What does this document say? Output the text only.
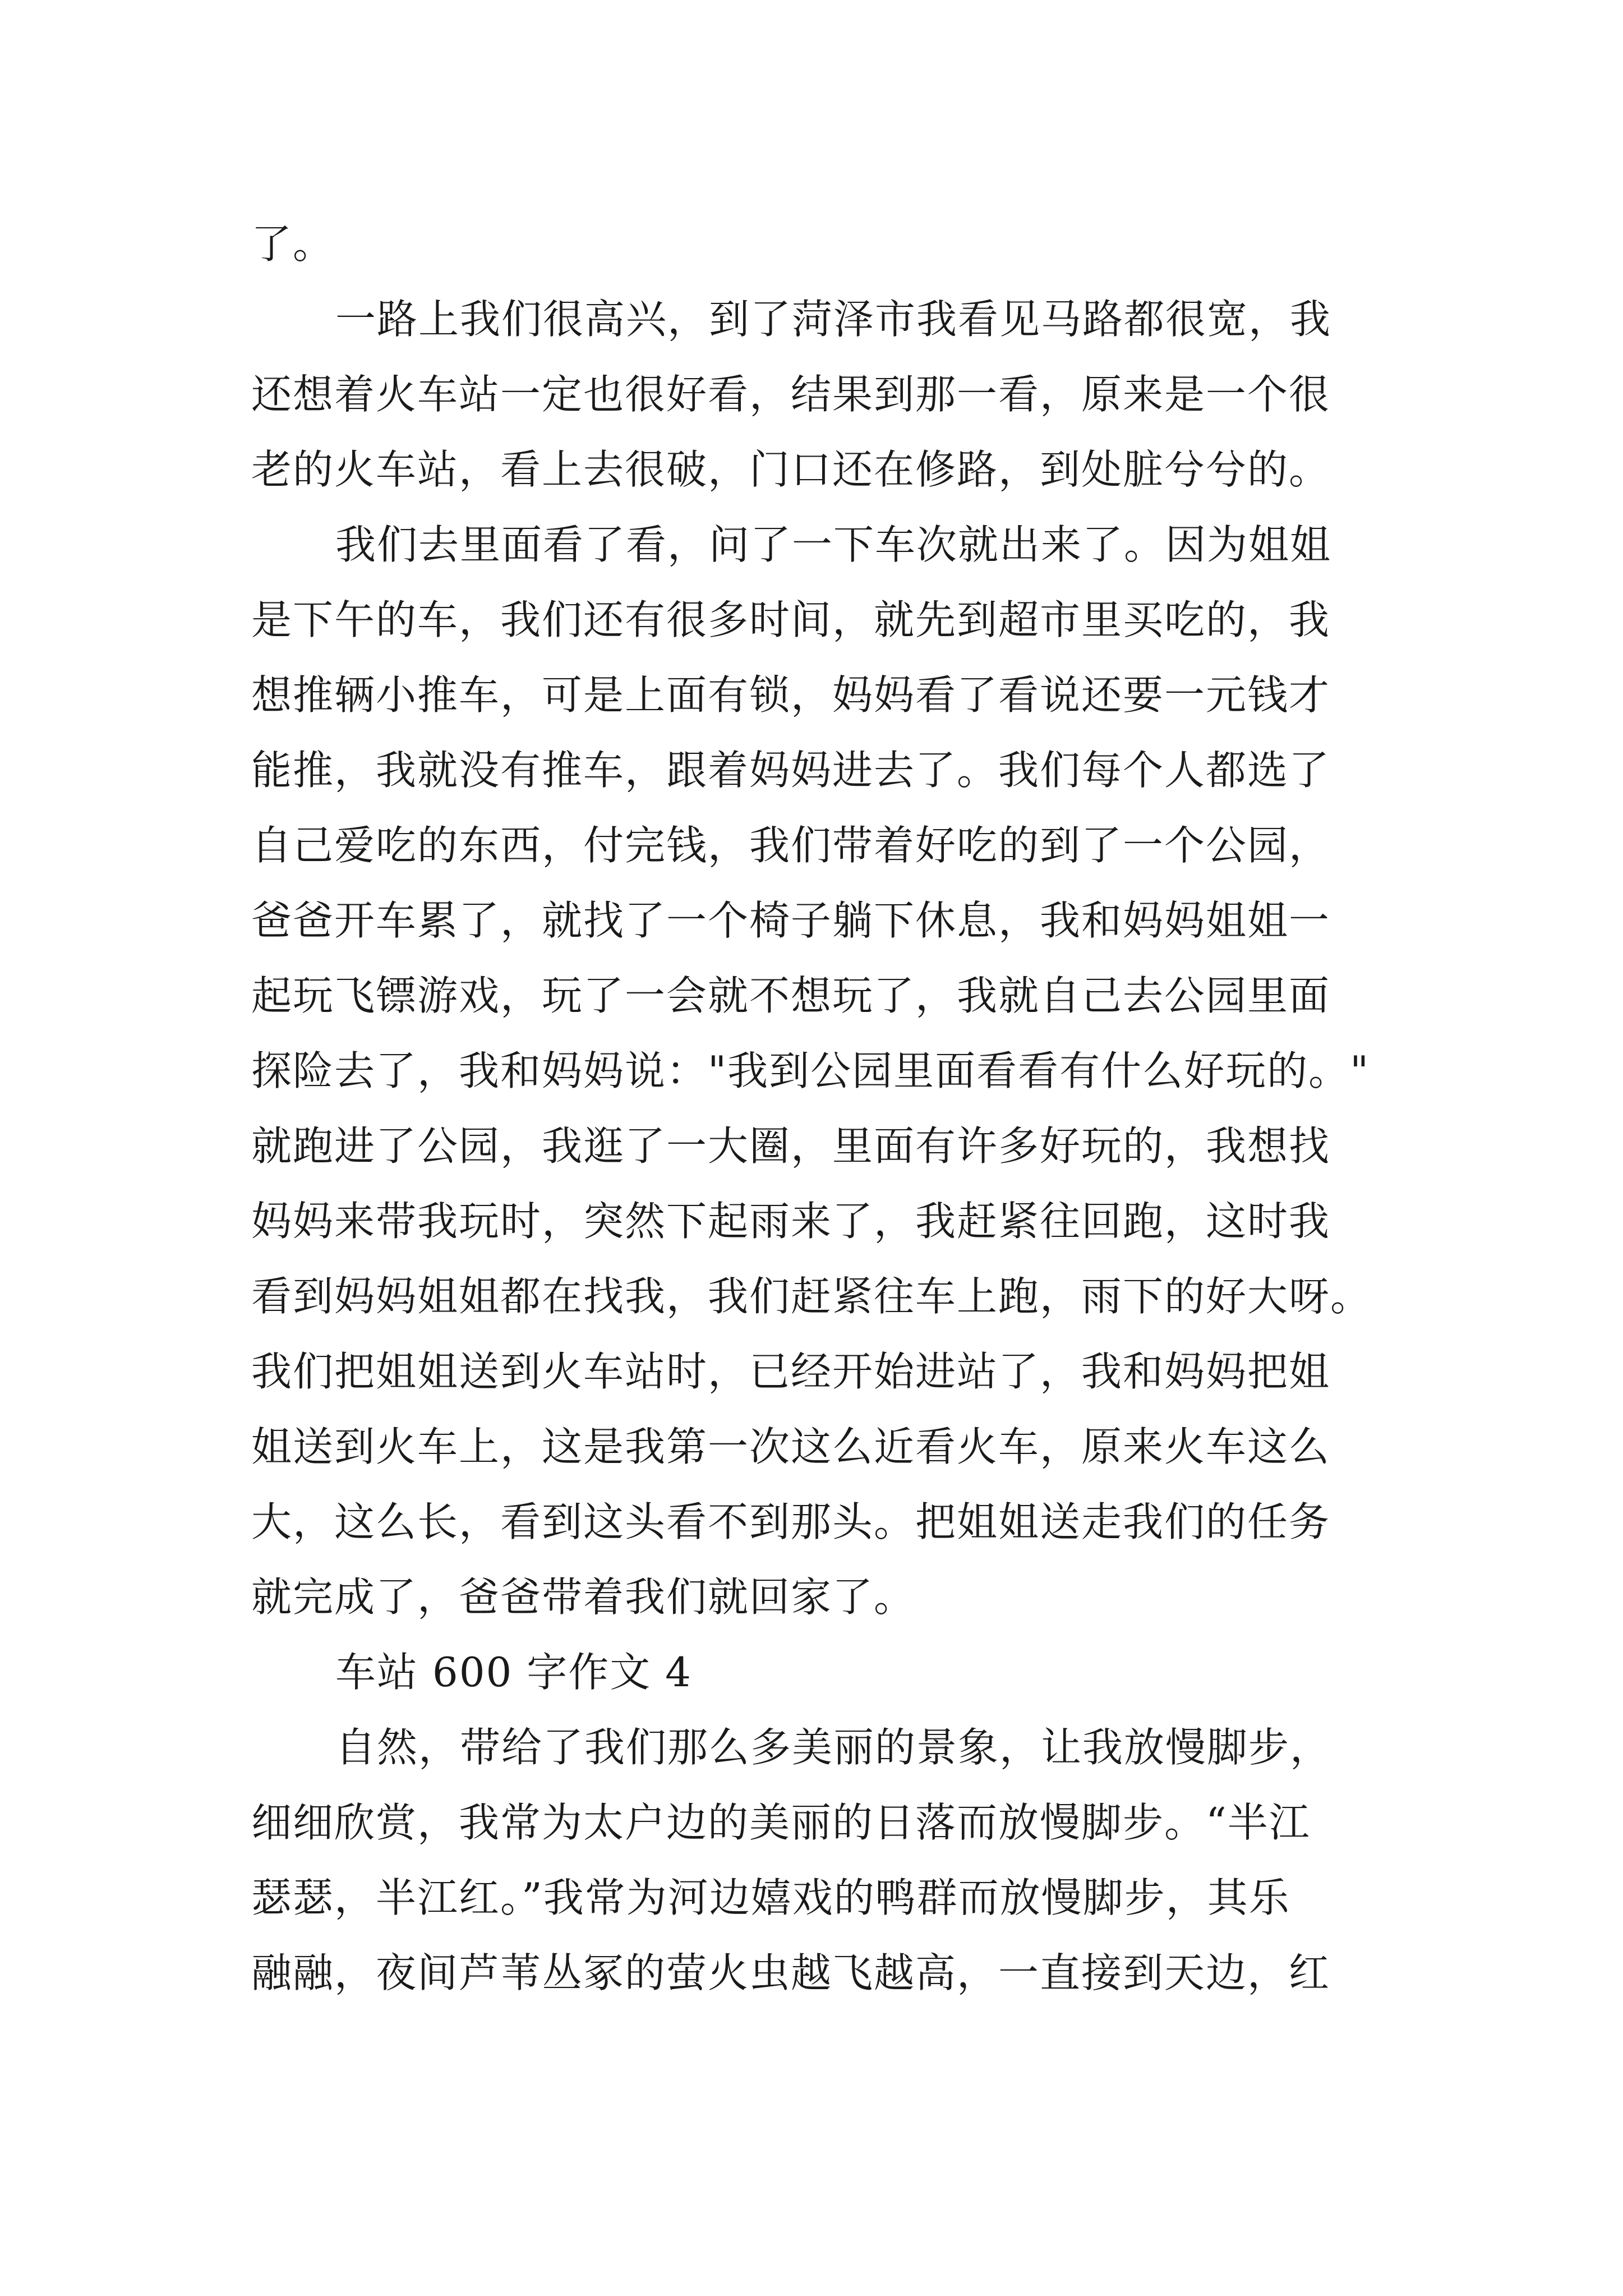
了。
一路上我们很高兴，到了菏泽市我看见马路都很宽，我
还想着火车站一定也很好看，结果到那一看，原来是一个很
老的火车站，看上去很破，门口还在修路，到处脏兮兮的。
我们去里面看了看，问了一下车次就出来了。因为姐姐
是下午的车，我们还有很多时间，就先到超市里买吃的，我
想推辆小推车，可是上面有锁，妈妈看了看说还要一元钱才
能推，我就没有推车，跟着妈妈进去了。我们每个人都选了
自己爱吃的东西，付完钱，我们带着好吃的到了一个公园，
爸爸开车累了，就找了一个椅子躺下休息，我和妈妈姐姐一
起玩飞镖游戏，玩了一会就不想玩了，我就自己去公园里面
探险去了，我和妈妈说："我到公园里面看看有什么好玩的。"
就跑进了公园，我逛了一大圈，里面有许多好玩的，我想找
妈妈来带我玩时，突然下起雨来了，我赶紧往回跑，这时我
看到妈妈姐姐都在找我，我们赶紧往车上跑，雨下的好大呀。
我们把姐姐送到火车站时，已经开始进站了，我和妈妈把姐
姐送到火车上，这是我第一次这么近看火车，原来火车这么
大，这么长，看到这头看不到那头。把姐姐送走我们的任务
就完成了，爸爸带着我们就回家了。
车站 600 字作文 4
自然，带给了我们那么多美丽的景象，让我放慢脚步，
细细欣赏，我常为太户边的美丽的日落而放慢脚步。“半江
瑟瑟，半江红。”我常为河边嬉戏的鸭群而放慢脚步，其乐
融融，夜间芦苇丛冢的萤火虫越飞越高，一直接到天边，红
